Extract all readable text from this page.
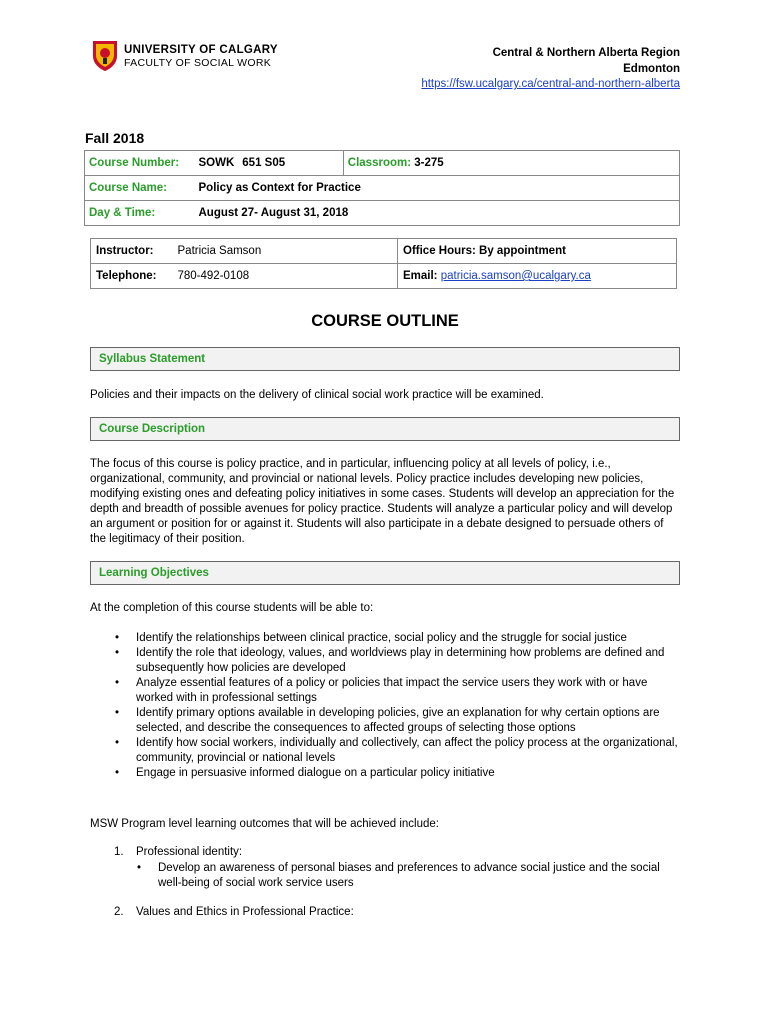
UNIVERSITY OF CALGARY
FACULTY OF SOCIAL WORK
Central & Northern Alberta Region
Edmonton
https://fsw.ucalgary.ca/central-and-northern-alberta
Fall 2018
Course Number:	SOWK	651 S05	Classroom: 3-275
Course Name:	Policy as Context for Practice		
Day & Time:	August 27- August 31, 2018		
Instructor:	Patricia Samson	Office Hours: By appointment
Telephone:	780-492-0108	Email: patricia.samson@ucalgary.ca
COURSE OUTLINE
Syllabus Statement
Policies and their impacts on the delivery of clinical social work practice will be examined.
Course Description
The focus of this course is policy practice, and in particular, influencing policy at all levels of policy, i.e., organizational, community, and provincial or national levels. Policy practice includes developing new policies, modifying existing ones and defeating policy initiatives in some cases. Students will develop an appreciation for the depth and breadth of possible avenues for policy practice. Students will analyze a particular policy and will develop an argument or position for or against it. Students will also participate in a debate designed to persuade others of the legitimacy of their position.
Learning Objectives
At the completion of this course students will be able to:
• Identify the relationships between clinical practice, social policy and the struggle for social justice
• Identify the role that ideology, values, and worldviews play in determining how problems are defined and subsequently how policies are developed
• Analyze essential features of a policy or policies that impact the service users they work with or have worked with in professional settings
• Identify primary options available in developing policies, give an explanation for why certain options are selected, and describe the consequences to affected groups of selecting those options
• Identify how social workers, individually and collectively, can affect the policy process at the organizational, community, provincial or national levels
• Engage in persuasive informed dialogue on a particular policy initiative
MSW Program level learning outcomes that will be achieved include:
1. Professional identity:
• Develop an awareness of personal biases and preferences to advance social justice and the social well-being of social work service users
2. Values and Ethics in Professional Practice:
